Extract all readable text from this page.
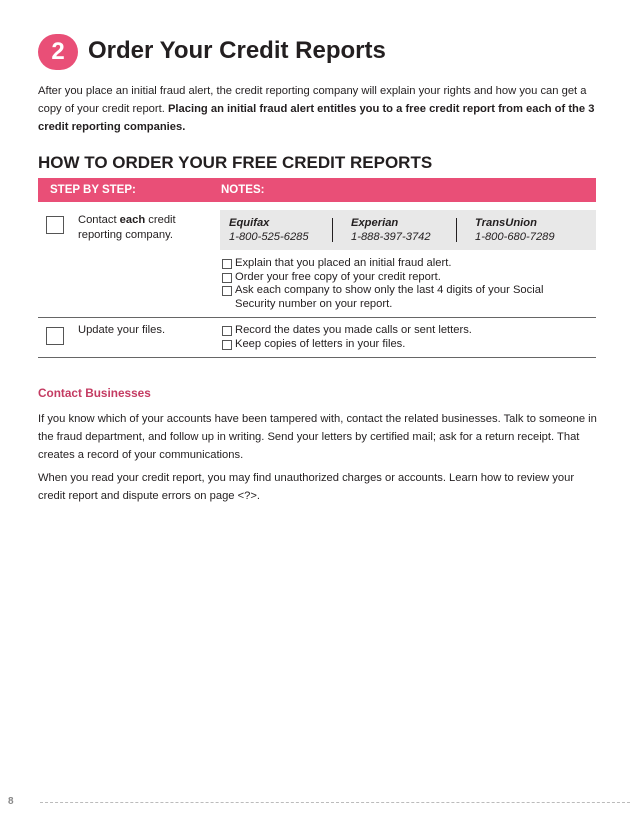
2 Order Your Credit Reports
After you place an initial fraud alert, the credit reporting company will explain your rights and how you can get a copy of your credit report. Placing an initial fraud alert entitles you to a free credit report from each of the 3 credit reporting companies.
HOW TO ORDER YOUR FREE CREDIT REPORTS
STEP BY STEP:	NOTES:
Contact each credit reporting company.
Equifax
1-800-525-6285
Experian
1-888-397-3742
TransUnion
1-800-680-7289
Explain that you placed an initial fraud alert.
Order your free copy of your credit report.
Ask each company to show only the last 4 digits of your Social Security number on your report.
Update your files.	Record the dates you made calls or sent letters.
Keep copies of letters in your files.
Contact Businesses
If you know which of your accounts have been tampered with, contact the related businesses. Talk to someone in the fraud department, and follow up in writing. Send your letters by certified mail; ask for a return receipt. That creates a record of your communications.
When you read your credit report, you may find unauthorized charges or accounts. Learn how to review your credit report and dispute errors on page <?>.
8
